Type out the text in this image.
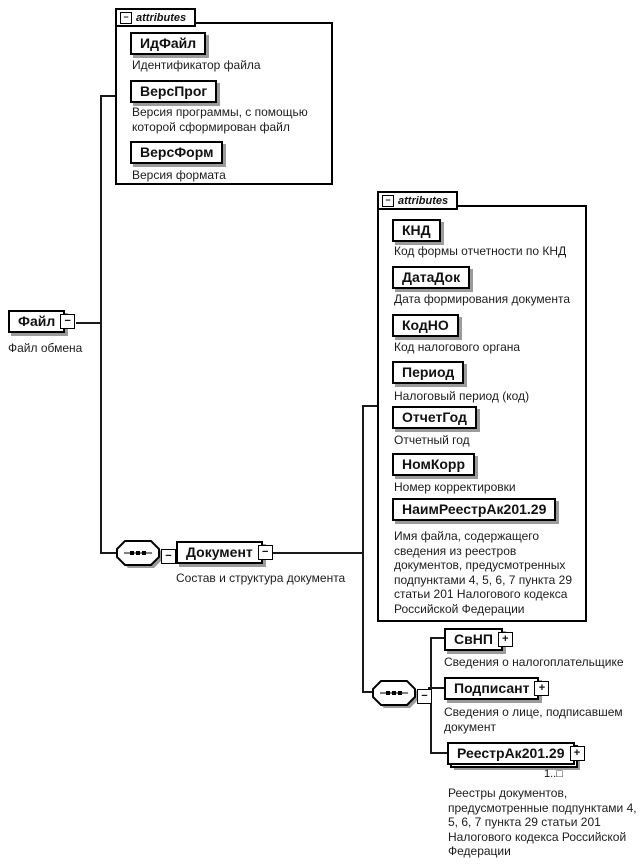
Файл −
Файл обмена
− attributes
ИдФайл
Идентификатор файла
ВерсПрог
Версия программы, с помощью которой сформирован файл
ВерсФорм
Версия формата
−	Документ −
Состав и структура документа
− attributes
КНД
Код формы отчетности по КНД
ДатаДок
Дата формирования документа
КодНО
Код налогового органа
Период
Налоговый период (код)
ОтчетГод
Отчетный год
НомКорр
Номер корректировки
НаимРеестрАк201.29
Имя файла, содержащего сведения из реестров документов, предусмотренных подпунктами 4, 5, 6, 7 пункта 29 статьи 201 Налогового кодекса Российской Федерации
−
СвНП +
Сведения о налогоплательщике
Подписант +
Сведения о лице, подписавшем документ
РеестрАк201.29 +
1..□
Реестры документов, предусмотренные подпунктами 4, 5, 6, 7 пункта 29 статьи 201 Налогового кодекса Российской Федерации
